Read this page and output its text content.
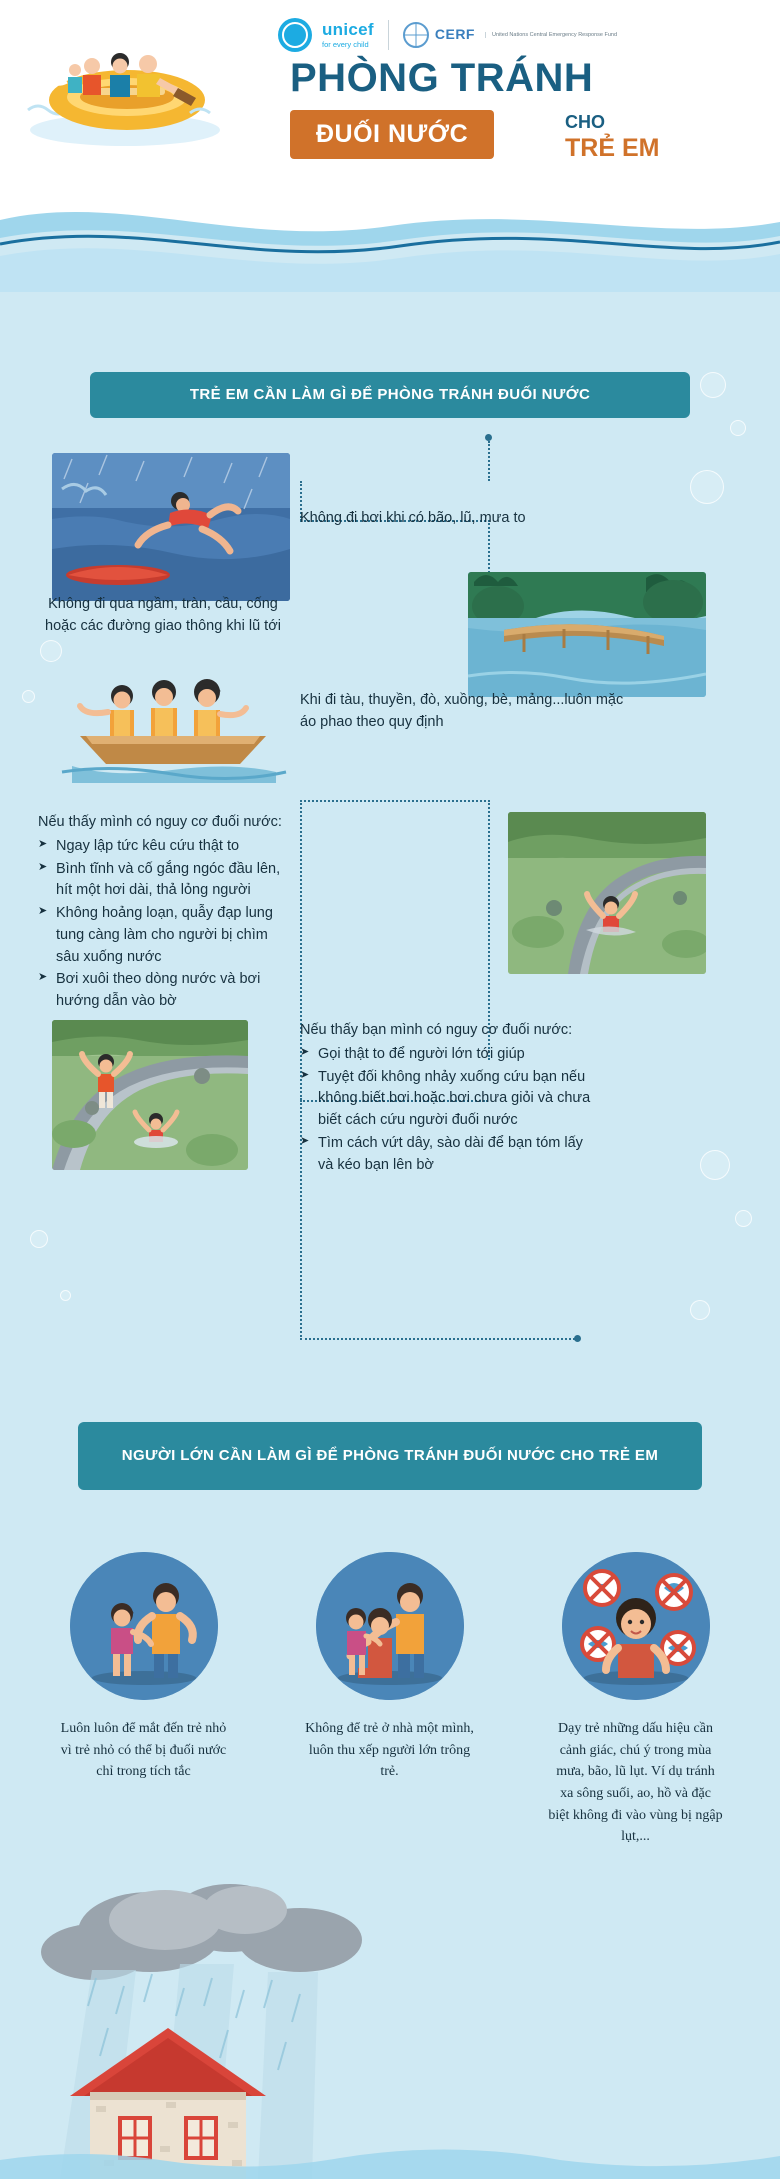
unicef
for every child
CERF	United Nations Central Emergency Response Fund
PHÒNG TRÁNH
ĐUỐI NƯỚC	CHO
TRẺ EM
TRẺ EM CẦN LÀM GÌ ĐỂ PHÒNG TRÁNH ĐUỐI NƯỚC
Không đi bơi khi có bão, lũ, mưa to
Không đi qua ngầm, tràn, cầu, cống hoặc các đường giao thông khi lũ tới
Khi đi tàu, thuyền, đò, xuồng, bè, mảng...luôn mặc áo phao theo quy định
Nếu thấy mình có nguy cơ đuối nước:
➤ Ngay lập tức kêu cứu thật to
➤ Bình tĩnh và cố gắng ngóc đầu lên, hít một hơi dài, thả lỏng người
➤ Không hoảng loạn, quẫy đạp lung tung càng làm cho người bị chìm sâu xuống nước
➤ Bơi xuôi theo dòng nước và bơi hướng dẫn vào bờ
Nếu thấy bạn mình có nguy cơ đuối nước:
➤ Gọi thật to để người lớn tới giúp
➤ Tuyệt đối không nhảy xuống cứu bạn nếu không biết bơi hoặc bơi chưa giỏi và chưa biết cách cứu người đuối nước
➤ Tìm cách vứt dây, sào dài để bạn tóm lấy và kéo bạn lên bờ
NGƯỜI LỚN CẦN LÀM GÌ ĐỂ PHÒNG TRÁNH ĐUỐI NƯỚC CHO TRẺ EM
Luôn luôn để mắt đến trẻ nhỏ vì trẻ nhỏ có thể bị đuối nước chỉ trong tích tắc
Không để trẻ ở nhà một mình, luôn thu xếp người lớn trông trẻ.
Dạy trẻ những dấu hiệu cần cảnh giác, chú ý trong mùa mưa, bão, lũ lụt. Ví dụ tránh xa sông suối, ao, hồ và đặc biệt không đi vào vùng bị ngập lụt,...
